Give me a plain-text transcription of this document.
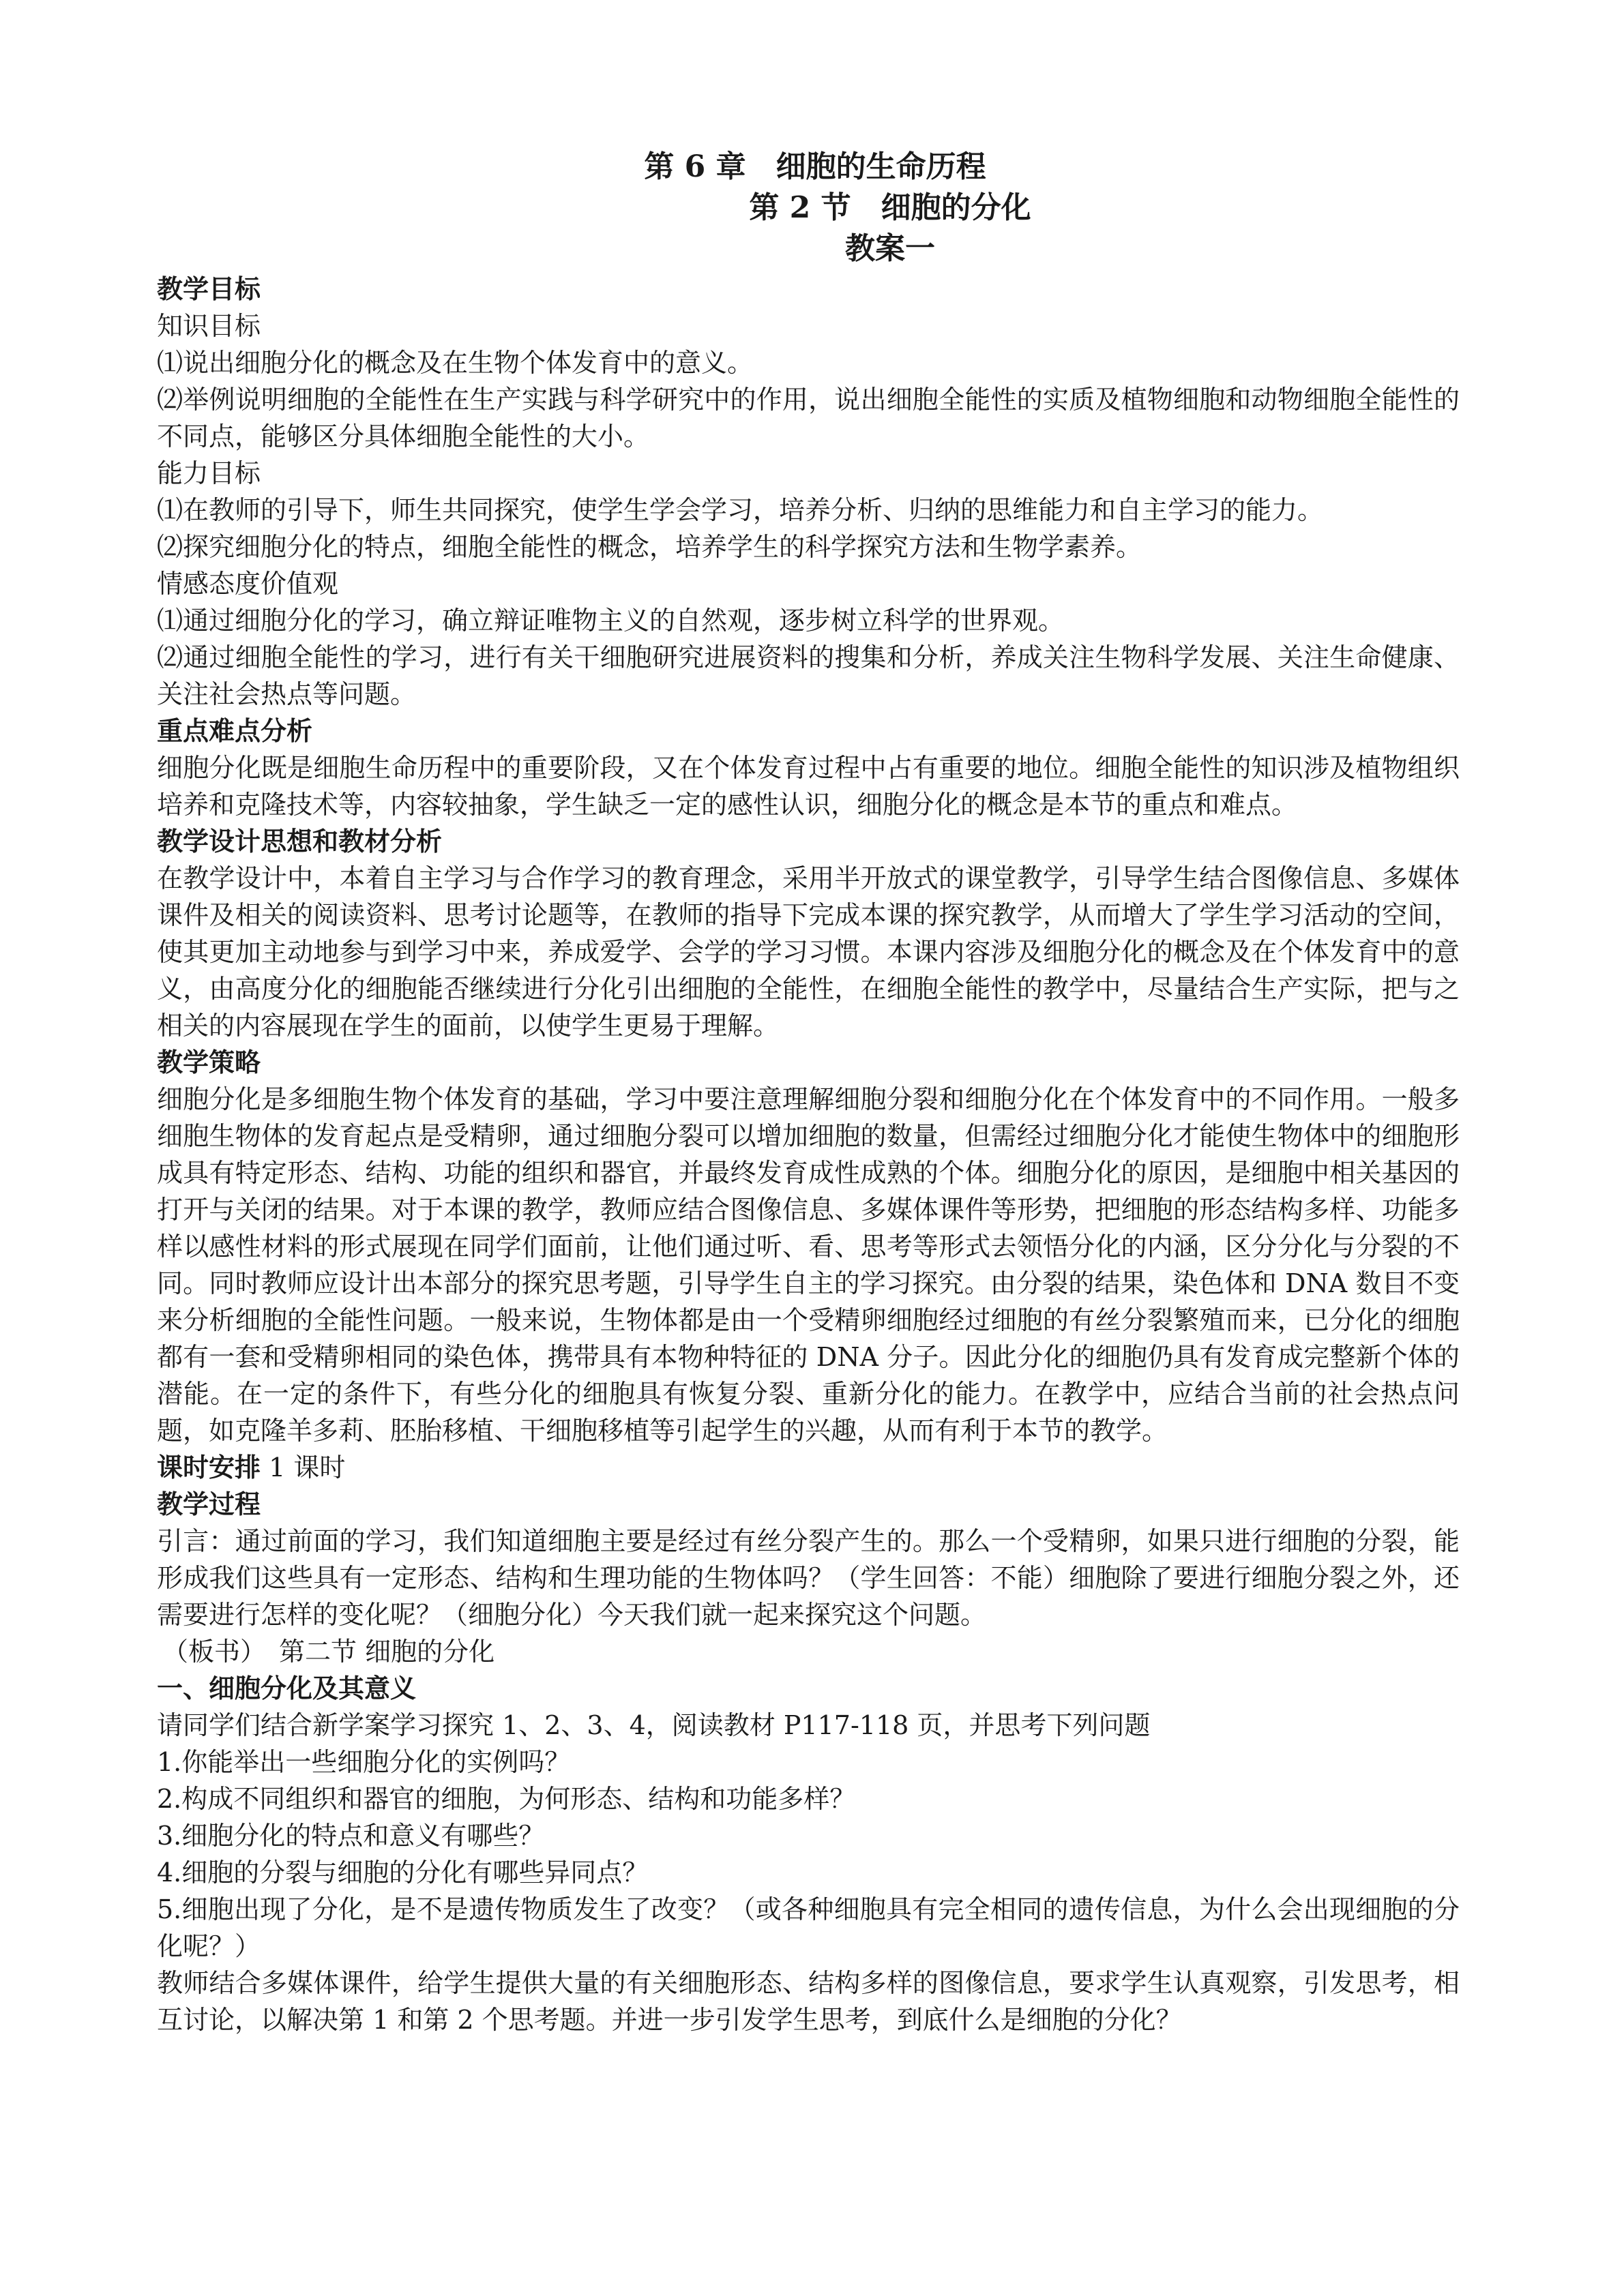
第 6 章　细胞的生命历程
第 2 节　细胞的分化
教案一

教学目标

知识目标

⑴说出细胞分化的概念及在生物个体发育中的意义。

⑵举例说明细胞的全能性在生产实践与科学研究中的作用，说出细胞全能性的实质及植物细胞和动物细胞全能性的不同点，能够区分具体细胞全能性的大小。

能力目标

⑴在教师的引导下，师生共同探究，使学生学会学习，培养分析、归纳的思维能力和自主学习的能力。

⑵探究细胞分化的特点，细胞全能性的概念，培养学生的科学探究方法和生物学素养。

情感态度价值观

⑴通过细胞分化的学习，确立辩证唯物主义的自然观，逐步树立科学的世界观。

⑵通过细胞全能性的学习，进行有关干细胞研究进展资料的搜集和分析，养成关注生物科学发展、关注生命健康、关注社会热点等问题。

重点难点分析

细胞分化既是细胞生命历程中的重要阶段，又在个体发育过程中占有重要的地位。细胞全能性的知识涉及植物组织培养和克隆技术等，内容较抽象，学生缺乏一定的感性认识，细胞分化的概念是本节的重点和难点。

教学设计思想和教材分析

在教学设计中，本着自主学习与合作学习的教育理念，采用半开放式的课堂教学，引导学生结合图像信息、多媒体课件及相关的阅读资料、思考讨论题等，在教师的指导下完成本课的探究教学，从而增大了学生学习活动的空间，使其更加主动地参与到学习中来，养成爱学、会学的学习习惯。本课内容涉及细胞分化的概念及在个体发育中的意义，由高度分化的细胞能否继续进行分化引出细胞的全能性，在细胞全能性的教学中，尽量结合生产实际，把与之相关的内容展现在学生的面前，以使学生更易于理解。

教学策略

细胞分化是多细胞生物个体发育的基础，学习中要注意理解细胞分裂和细胞分化在个体发育中的不同作用。一般多细胞生物体的发育起点是受精卵，通过细胞分裂可以增加细胞的数量，但需经过细胞分化才能使生物体中的细胞形成具有特定形态、结构、功能的组织和器官，并最终发育成性成熟的个体。细胞分化的原因，是细胞中相关基因的打开与关闭的结果。对于本课的教学，教师应结合图像信息、多媒体课件等形势，把细胞的形态结构多样、功能多样以感性材料的形式展现在同学们面前，让他们通过听、看、思考等形式去领悟分化的内涵，区分分化与分裂的不同。同时教师应设计出本部分的探究思考题，引导学生自主的学习探究。由分裂的结果，染色体和 DNA 数目不变来分析细胞的全能性问题。一般来说，生物体都是由一个受精卵细胞经过细胞的有丝分裂繁殖而来，已分化的细胞都有一套和受精卵相同的染色体，携带具有本物种特征的 DNA 分子。因此分化的细胞仍具有发育成完整新个体的潜能。在一定的条件下，有些分化的细胞具有恢复分裂、重新分化的能力。在教学中，应结合当前的社会热点问题，如克隆羊多莉、胚胎移植、干细胞移植等引起学生的兴趣，从而有利于本节的教学。

课时安排 1 课时

教学过程

引言：通过前面的学习，我们知道细胞主要是经过有丝分裂产生的。那么一个受精卵，如果只进行细胞的分裂，能形成我们这些具有一定形态、结构和生理功能的生物体吗？（学生回答：不能）细胞除了要进行细胞分裂之外，还需要进行怎样的变化呢？（细胞分化）今天我们就一起来探究这个问题。

（板书）　第二节 细胞的分化

一、细胞分化及其意义

请同学们结合新学案学习探究 1、2、3、4，阅读教材 P117-118 页，并思考下列问题

1.你能举出一些细胞分化的实例吗？

2.构成不同组织和器官的细胞，为何形态、结构和功能多样？

3.细胞分化的特点和意义有哪些？

4.细胞的分裂与细胞的分化有哪些异同点？

5.细胞出现了分化，是不是遗传物质发生了改变？（或各种细胞具有完全相同的遗传信息，为什么会出现细胞的分化呢？）

教师结合多媒体课件，给学生提供大量的有关细胞形态、结构多样的图像信息，要求学生认真观察，引发思考，相互讨论，以解决第 1 和第 2 个思考题。并进一步引发学生思考，到底什么是细胞的分化？
